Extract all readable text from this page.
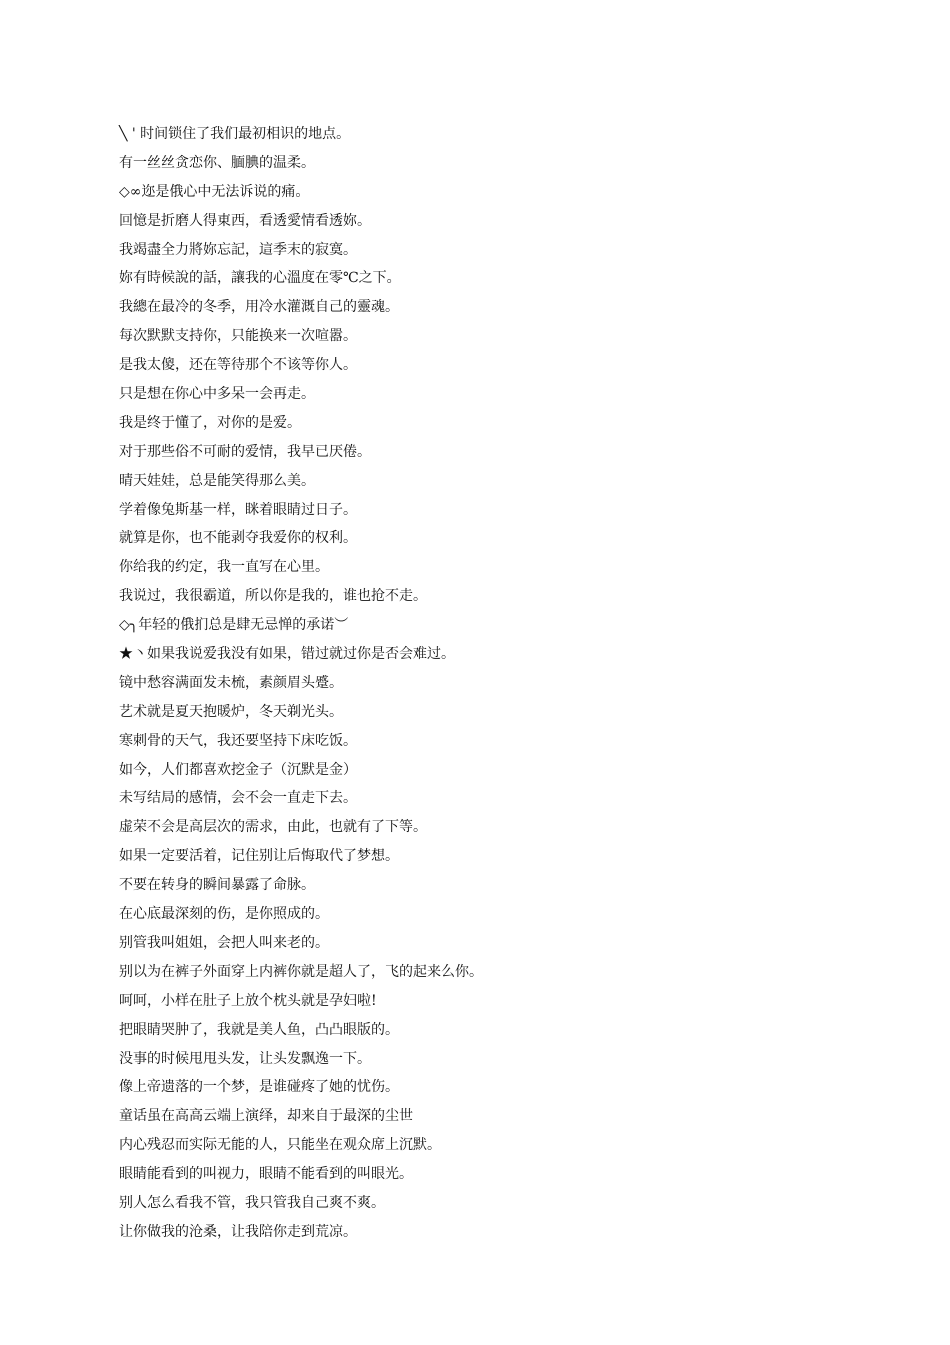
╲ ' 时间锁住了我们最初相识的地点。
有一丝丝贪恋你、腼腆的温柔。
◇∞迩是俄心中无法诉说的痛。
回憶是折磨人得東西，看透愛情看透妳。
我竭盡全力將妳忘記，這季末的寂寞。
妳有時候說的話，讓我的心溫度在零℃之下。
我總在最冷的冬季，用冷水灌溉自己的靈魂。
每次默默支持你，只能换来一次喧嚣。
是我太傻，还在等待那个不该等你人。
只是想在你心中多呆一会再走。
我是终于懂了，对你的是爱。
对于那些俗不可耐的爱情，我早已厌倦。
晴天娃娃，总是能笑得那么美。
学着像兔斯基一样，眯着眼睛过日子。
就算是你，也不能剥夺我爱你的权利。
你给我的约定，我一直写在心里。
我说过，我很霸道，所以你是我的，谁也抢不走。
◇╮年轻的俄扪总是肆无忌惮的承诺︶
★丶如果我说爱我没有如果，错过就过你是否会难过。
镜中愁容满面发未梳，素颜眉头蹙。
艺术就是夏天抱暖炉，冬天剃光头。
寒刺骨的天气，我还要坚持下床吃饭。
如今，人们都喜欢挖金子（沉默是金）
未写结局的感情，会不会一直走下去。
虚荣不会是高层次的需求，由此，也就有了下等。
如果一定要活着，记住别让后悔取代了梦想。
不要在转身的瞬间暴露了命脉。
在心底最深刻的伤，是你照成的。
别管我叫姐姐，会把人叫来老的。
别以为在裤子外面穿上内裤你就是超人了，飞的起来么你。
呵呵，小样在肚子上放个枕头就是孕妇啦!
把眼睛哭肿了，我就是美人鱼，凸凸眼版的。
没事的时候甩甩头发，让头发飘逸一下。
像上帝遗落的一个梦，是谁碰疼了她的忧伤。
童话虽在高高云端上演绎，却来自于最深的尘世
内心残忍而实际无能的人，只能坐在观众席上沉默。
眼睛能看到的叫视力，眼睛不能看到的叫眼光。
别人怎么看我不管，我只管我自己爽不爽。
让你做我的沧桑，让我陪你走到荒凉。
